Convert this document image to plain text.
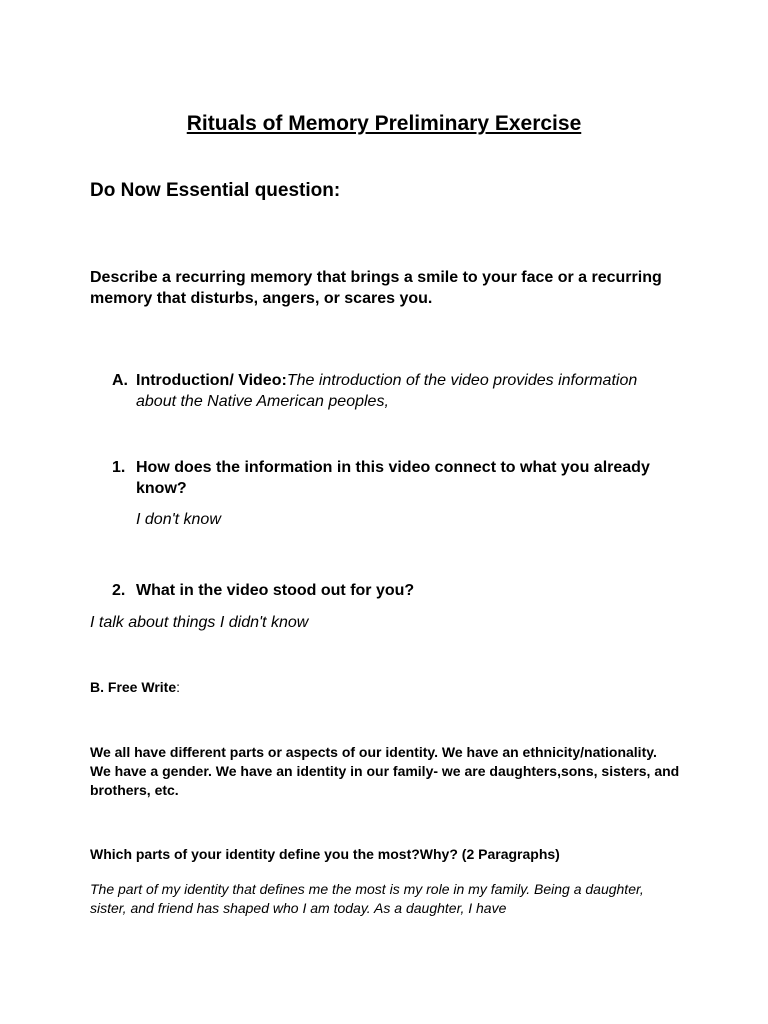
Rituals of Memory Preliminary Exercise
Do Now Essential question:
Describe a recurring memory that brings a smile to your face or a recurring memory that disturbs, angers, or scares you.
A. Introduction/ Video:The introduction of the video provides information about the Native American peoples,
1. How does the information in this video connect to what you already know?
I don't know
2. What in the video stood out for you?
I talk about things I didn't know
B. Free Write:
We all have different parts or aspects of our identity. We have an ethnicity/nationality. We have a gender. We have an identity in our family- we are daughters,sons, sisters, and brothers, etc.
Which parts of your identity define you the most?Why? (2 Paragraphs)
The part of my identity that defines me the most is my role in my family. Being a daughter, sister, and friend has shaped who I am today. As a daughter, I have
